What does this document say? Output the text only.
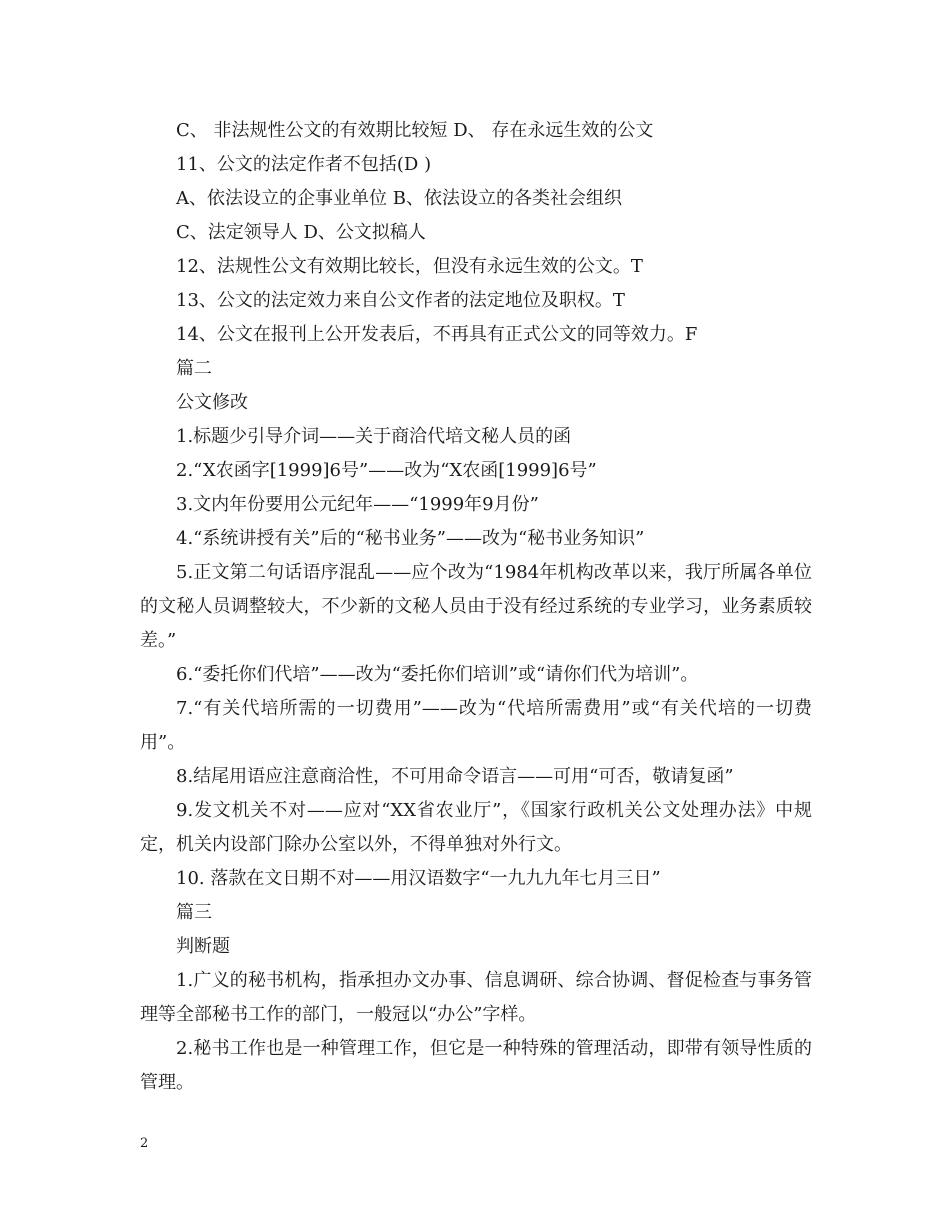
C、 非法规性公文的有效期比较短 D、 存在永远生效的公文

11、公文的法定作者不包括(D )

A、依法设立的企事业单位 B、依法设立的各类社会组织

C、法定领导人 D、公文拟稿人

12、法规性公文有效期比较长，但没有永远生效的公文。T

13、公文的法定效力来自公文作者的法定地位及职权。T

14、公文在报刊上公开发表后，不再具有正式公文的同等效力。F

篇二

公文修改

1.标题少引导介词——关于商洽代培文秘人员的函

2.“X农函字[1999]6号”——改为“X农函[1999]6号”

3.文内年份要用公元纪年——“1999年9月份”

4.“系统讲授有关”后的“秘书业务”——改为“秘书业务知识”

5.正文第二句话语序混乱——应个改为“1984年机构改革以来，我厅所属各单位的文秘人员调整较大，不少新的文秘人员由于没有经过系统的专业学习，业务素质较差。”

6.“委托你们代培”——改为“委托你们培训”或“请你们代为培训”。

7.“有关代培所需的一切费用”——改为“代培所需费用”或“有关代培的一切费用”。

8.结尾用语应注意商洽性，不可用命令语言——可用“可否，敬请复函”

9.发文机关不对——应对“XX省农业厅”，《国家行政机关公文处理办法》中规定，机关内设部门除办公室以外，不得单独对外行文。

10. 落款在文日期不对——用汉语数字“一九九九年七月三日”

篇三

判断题

1.广义的秘书机构，指承担办文办事、信息调研、综合协调、督促检查与事务管理等全部秘书工作的部门，一般冠以“办公”字样。

2.秘书工作也是一种管理工作，但它是一种特殊的管理活动，即带有领导性质的管理。

2
